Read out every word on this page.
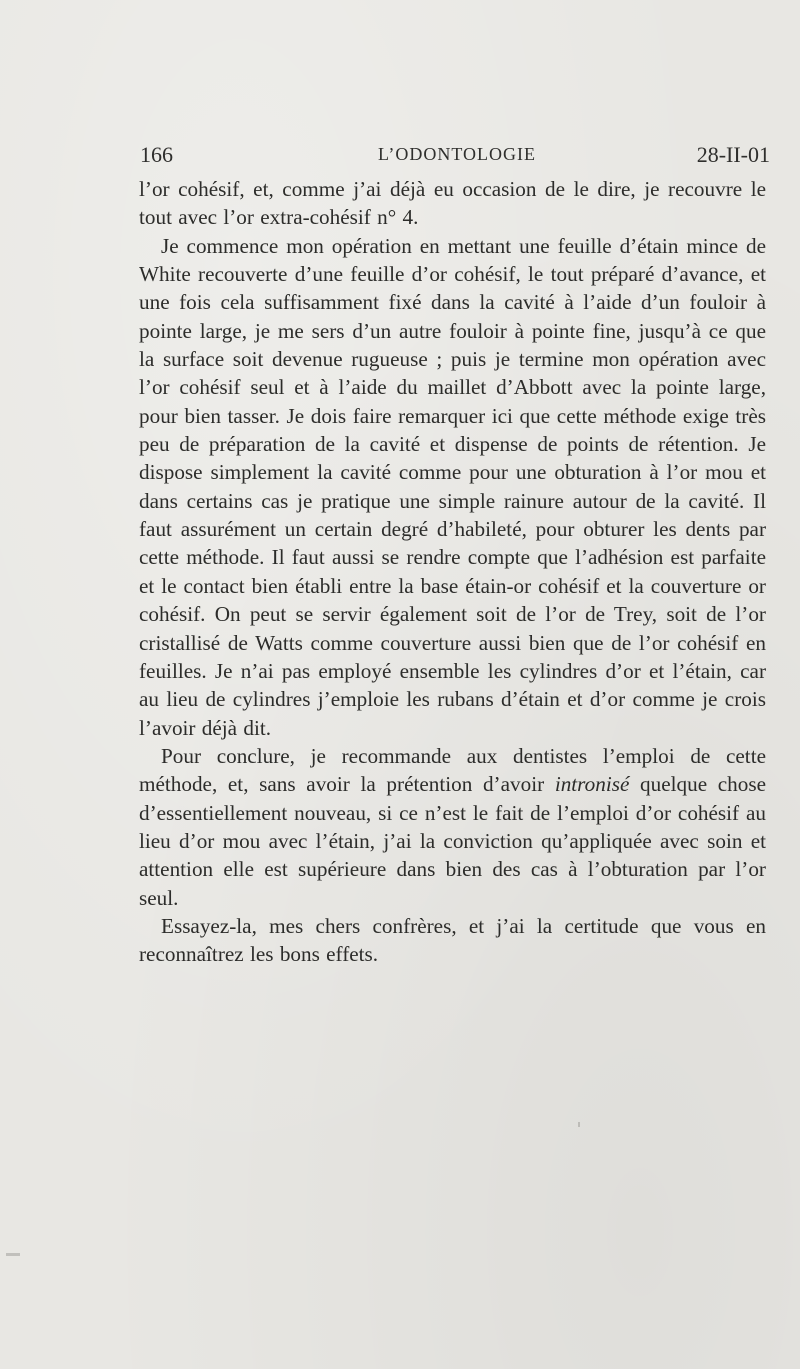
166	L’ODONTOLOGIE	28-II-01

l’or cohésif, et, comme j’ai déjà eu occasion de le dire, je recouvre le tout avec l’or extra-cohésif n° 4.

Je commence mon opération en mettant une feuille d’étain mince de White recouverte d’une feuille d’or cohésif, le tout préparé d’avance, et une fois cela suffisamment fixé dans la cavité à l’aide d’un fouloir à pointe large, je me sers d’un autre fouloir à pointe fine, jusqu’à ce que la surface soit devenue rugueuse ; puis je termine mon opération avec l’or cohésif seul et à l’aide du maillet d’Abbott avec la pointe large, pour bien tasser. Je dois faire remarquer ici que cette méthode exige très peu de préparation de la cavité et dispense de points de rétention. Je dispose simplement la cavité comme pour une obturation à l’or mou et dans certains cas je pratique une simple rainure autour de la cavité. Il faut assurément un certain degré d’habileté, pour obturer les dents par cette méthode. Il faut aussi se rendre compte que l’adhésion est parfaite et le contact bien établi entre la base étain-or cohésif et la couverture or cohésif. On peut se servir également soit de l’or de Trey, soit de l’or cristallisé de Watts comme couverture aussi bien que de l’or cohésif en feuilles. Je n’ai pas employé ensemble les cylindres d’or et l’étain, car au lieu de cylindres j’emploie les rubans d’étain et d’or comme je crois l’avoir déjà dit.

Pour conclure, je recommande aux dentistes l’emploi de cette méthode, et, sans avoir la prétention d’avoir intronisé quelque chose d’essentiellement nouveau, si ce n’est le fait de l’emploi d’or cohésif au lieu d’or mou avec l’étain, j’ai la conviction qu’appliquée avec soin et attention elle est supérieure dans bien des cas à l’obturation par l’or seul.

Essayez-la, mes chers confrères, et j’ai la certitude que vous en reconnaîtrez les bons effets.
